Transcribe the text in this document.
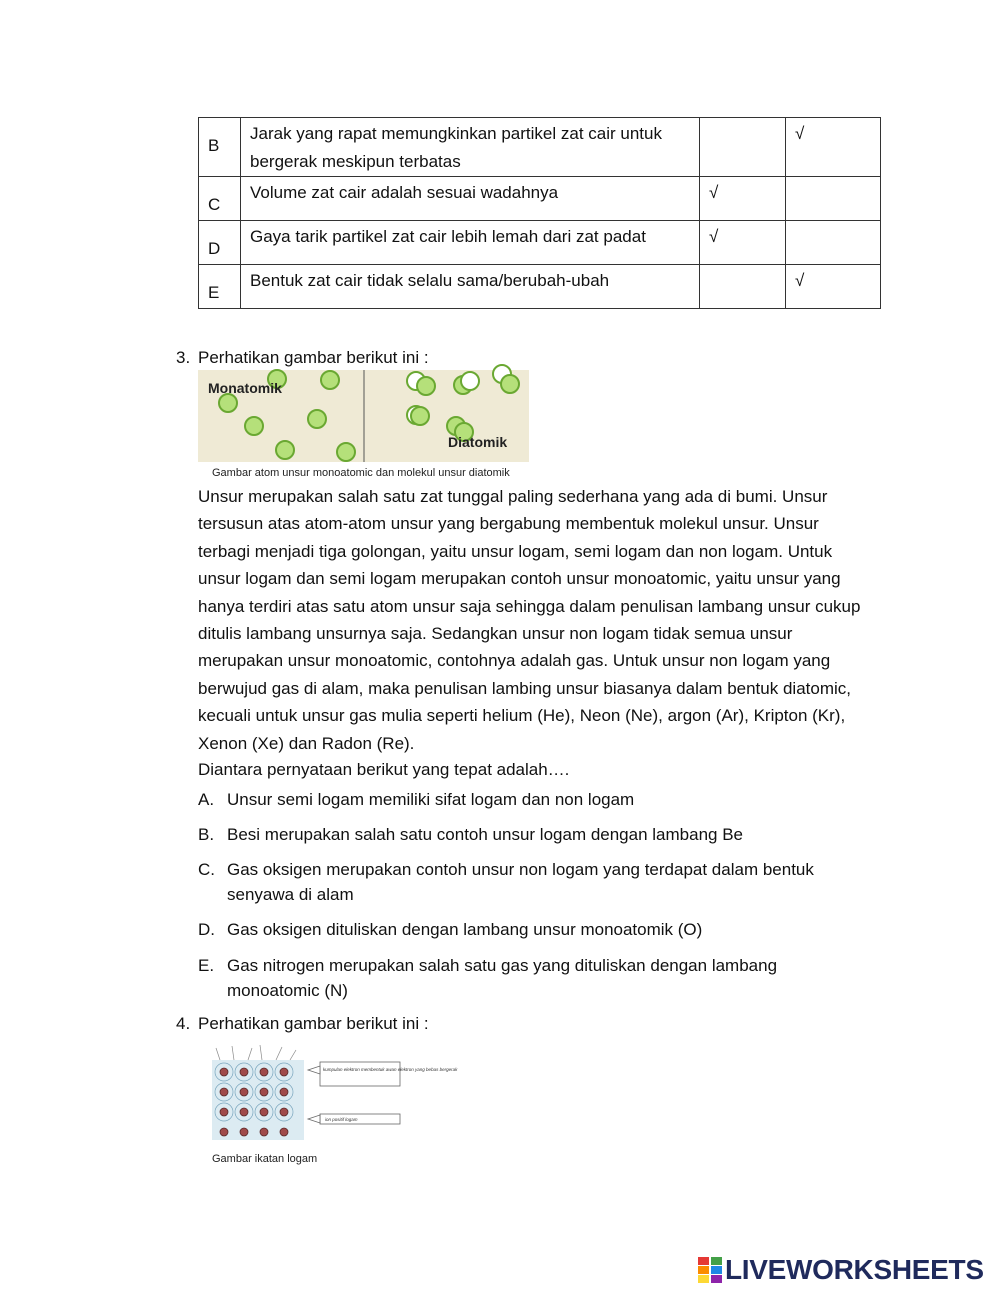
B	Jarak yang rapat memungkinkan partikel zat cair untuk bergerak meskipun terbatas		√
C	Volume zat cair adalah sesuai wadahnya	√	
D	Gaya tarik partikel zat cair lebih lemah dari zat padat	√	
E	Bentuk zat cair tidak selalu sama/berubah-ubah		√
3. Perhatikan gambar berikut ini :
Monatomik
Diatomik
Gambar atom unsur monoatomic dan molekul unsur diatomik

Unsur merupakan salah satu zat tunggal paling sederhana yang ada di bumi. Unsur
tersusun atas atom-atom unsur yang bergabung membentuk molekul unsur. Unsur
terbagi menjadi tiga golongan, yaitu unsur logam, semi logam dan non logam. Untuk
unsur logam dan semi logam merupakan contoh unsur monoatomic, yaitu unsur yang
hanya terdiri atas satu atom unsur saja sehingga dalam penulisan lambang unsur cukup
ditulis lambang unsurnya saja. Sedangkan unsur non logam tidak semua unsur
merupakan unsur monoatomic, contohnya adalah gas. Untuk unsur non logam yang
berwujud gas di alam, maka penulisan lambing unsur biasanya dalam bentuk diatomic,
kecuali untuk unsur gas mulia seperti helium (He), Neon (Ne), argon (Ar), Kripton (Kr),
Xenon (Xe) dan Radon (Re).

Diantara pernyataan berikut yang tepat adalah….
A. Unsur semi logam memiliki sifat logam dan non logam
B. Besi merupakan salah satu contoh unsur logam dengan lambang Be
C. Gas oksigen merupakan contoh unsur non logam yang terdapat dalam bentuk senyawa di alam
D. Gas oksigen dituliskan dengan lambang unsur monoatomik (O)
E. Gas nitrogen merupakan salah satu gas yang dituliskan dengan lambang monoatomic (N)
4. Perhatikan gambar berikut ini :
kumpulan elektron membentuk awan elektron yang bebas bergerak
ion positif logam
Gambar ikatan logam
LIVEWORKSHEETS
